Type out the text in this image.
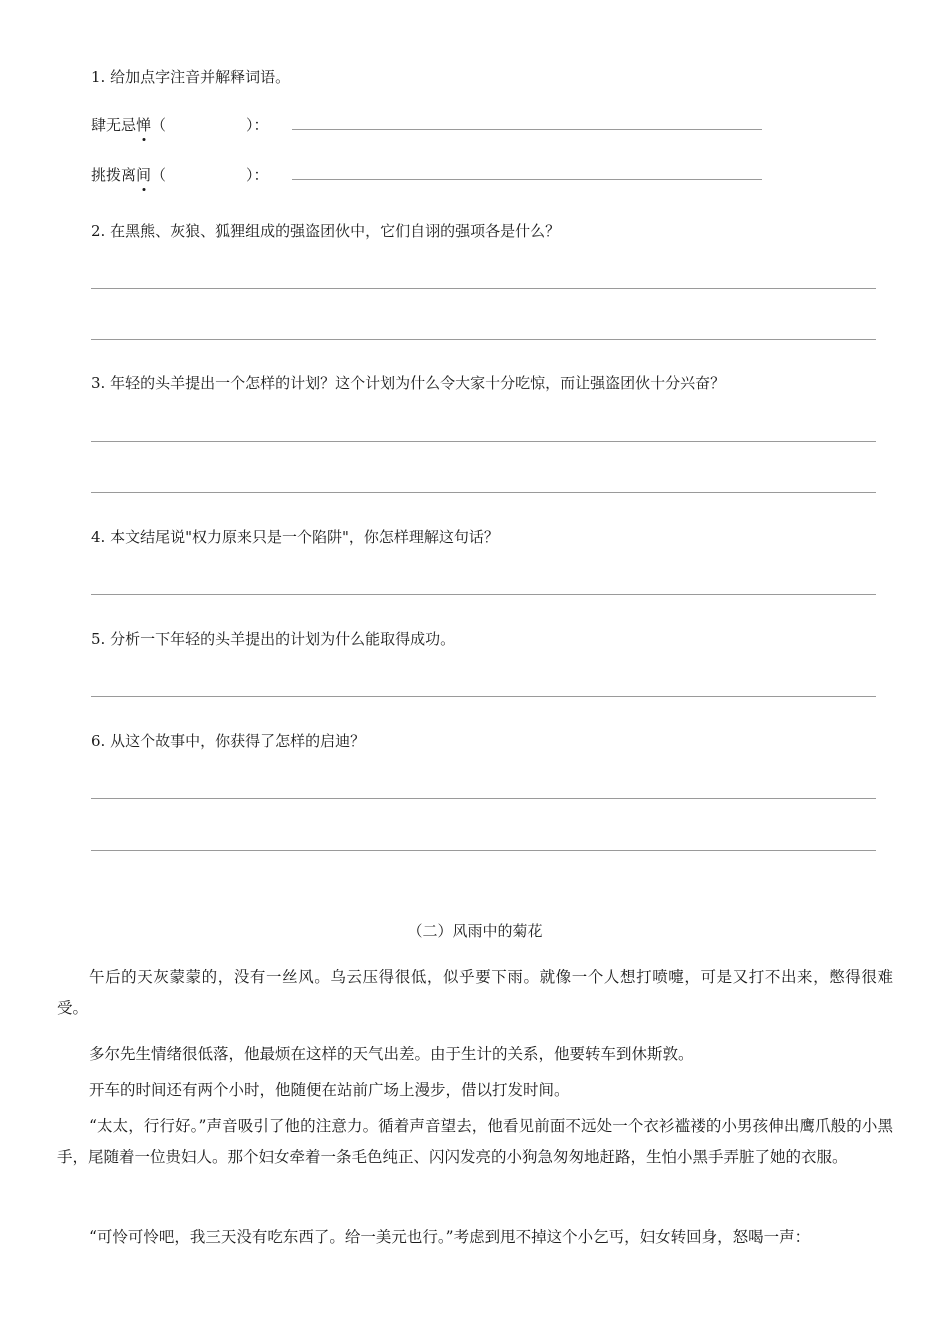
1. 给加点字注音并解释词语。
肆无忌惮（	）：
挑拨离间（	）：
2. 在黑熊、灰狼、狐狸组成的强盗团伙中，它们自诩的强项各是什么？
3. 年轻的头羊提出一个怎样的计划？这个计划为什么令大家十分吃惊，而让强盗团伙十分兴奋？
4. 本文结尾说"权力原来只是一个陷阱"，你怎样理解这句话？
5. 分析一下年轻的头羊提出的计划为什么能取得成功。
6. 从这个故事中，你获得了怎样的启迪？
（二）风雨中的菊花
午后的天灰蒙蒙的，没有一丝风。乌云压得很低，似乎要下雨。就像一个人想打喷嚏，可是又打不出来，憋得很难受。
多尔先生情绪很低落，他最烦在这样的天气出差。由于生计的关系，他要转车到休斯敦。
开车的时间还有两个小时，他随便在站前广场上漫步，借以打发时间。
“太太，行行好。”声音吸引了他的注意力。循着声音望去，他看见前面不远处一个衣衫褴褛的小男孩伸出鹰爪般的小黑手，尾随着一位贵妇人。那个妇女牵着一条毛色纯正、闪闪发亮的小狗急匆匆地赶路，生怕小黑手弄脏了她的衣服。
“可怜可怜吧，我三天没有吃东西了。给一美元也行。”考虑到甩不掉这个小乞丐，妇女转回身，怒喝一声：
